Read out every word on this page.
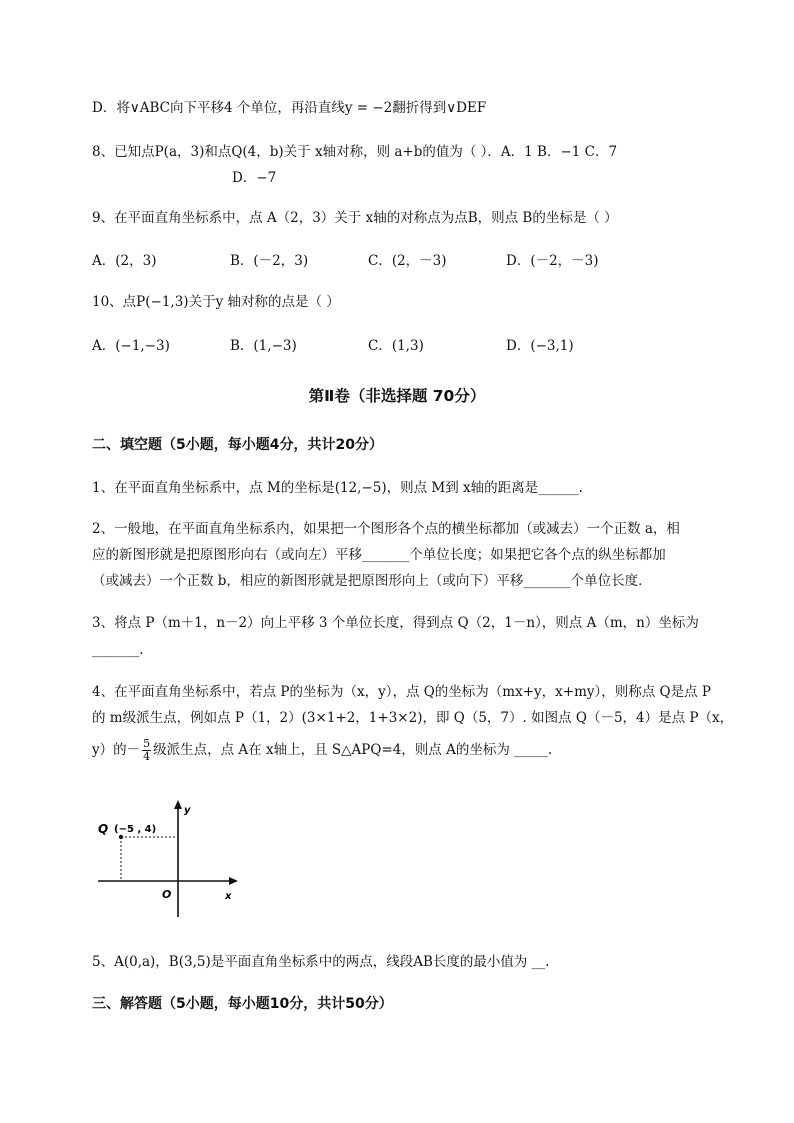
D．将∨ABC向下平移4 个单位，再沿直线y = −2翻折得到∨DEF
8、已知点P(a，3)和点Q(4，b)关于 x轴对称，则 a+b的值为（ ）．A．1 B．−1 C．7
D．−7
9、在平面直角坐标系中，点 A（2，3）关于 x轴的对称点为点B，则点 B的坐标是（ ）
A．(2，3)	B．(－2，3)	C．(2，－3)	D．(－2，－3)
10、点P(−1,3)关于y 轴对称的点是（ ）
A．(−1,−3)	B．(1,−3)	C．(1,3)	D．(−3,1)
第Ⅱ卷（非选择题 70分）
二、填空题（5小题，每小题4分，共计20分）
1、在平面直角坐标系中，点 M的坐标是(12,−5)，则点 M到 x轴的距离是______.
2、一般地，在平面直角坐标系内，如果把一个图形各个点的横坐标都加（或减去）一个正数 a，相
应的新图形就是把原图形向右（或向左）平移_______个单位长度；如果把它各个点的纵坐标都加
（或减去）一个正数 b，相应的新图形就是把原图形向上（或向下）平移_______个单位长度．
3、将点 P（m＋1，n－2）向上平移 3 个单位长度，得到点 Q（2，1－n），则点 A（m，n）坐标为
_______.
4、在平面直角坐标系中，若点 P的坐标为（x，y），点 Q的坐标为（mx+y，x+my），则称点 Q是点 P
的 m级派生点，例如点 P（1，2）(3×1+2，1+3×2)，即 Q（5，7）. 如图点 Q（－5，4）是点 P（x，
y）的－ $\frac{5}{4}$ 级派生点，点 A在 x轴上，且 S△APQ=4，则点 A的坐标为 _____.
Q (−5 , 4)
y
x
O
5、A(0,a)，B(3,5)是平面直角坐标系中的两点，线段AB长度的最小值为 __.
三、解答题（5小题，每小题10分，共计50分）
